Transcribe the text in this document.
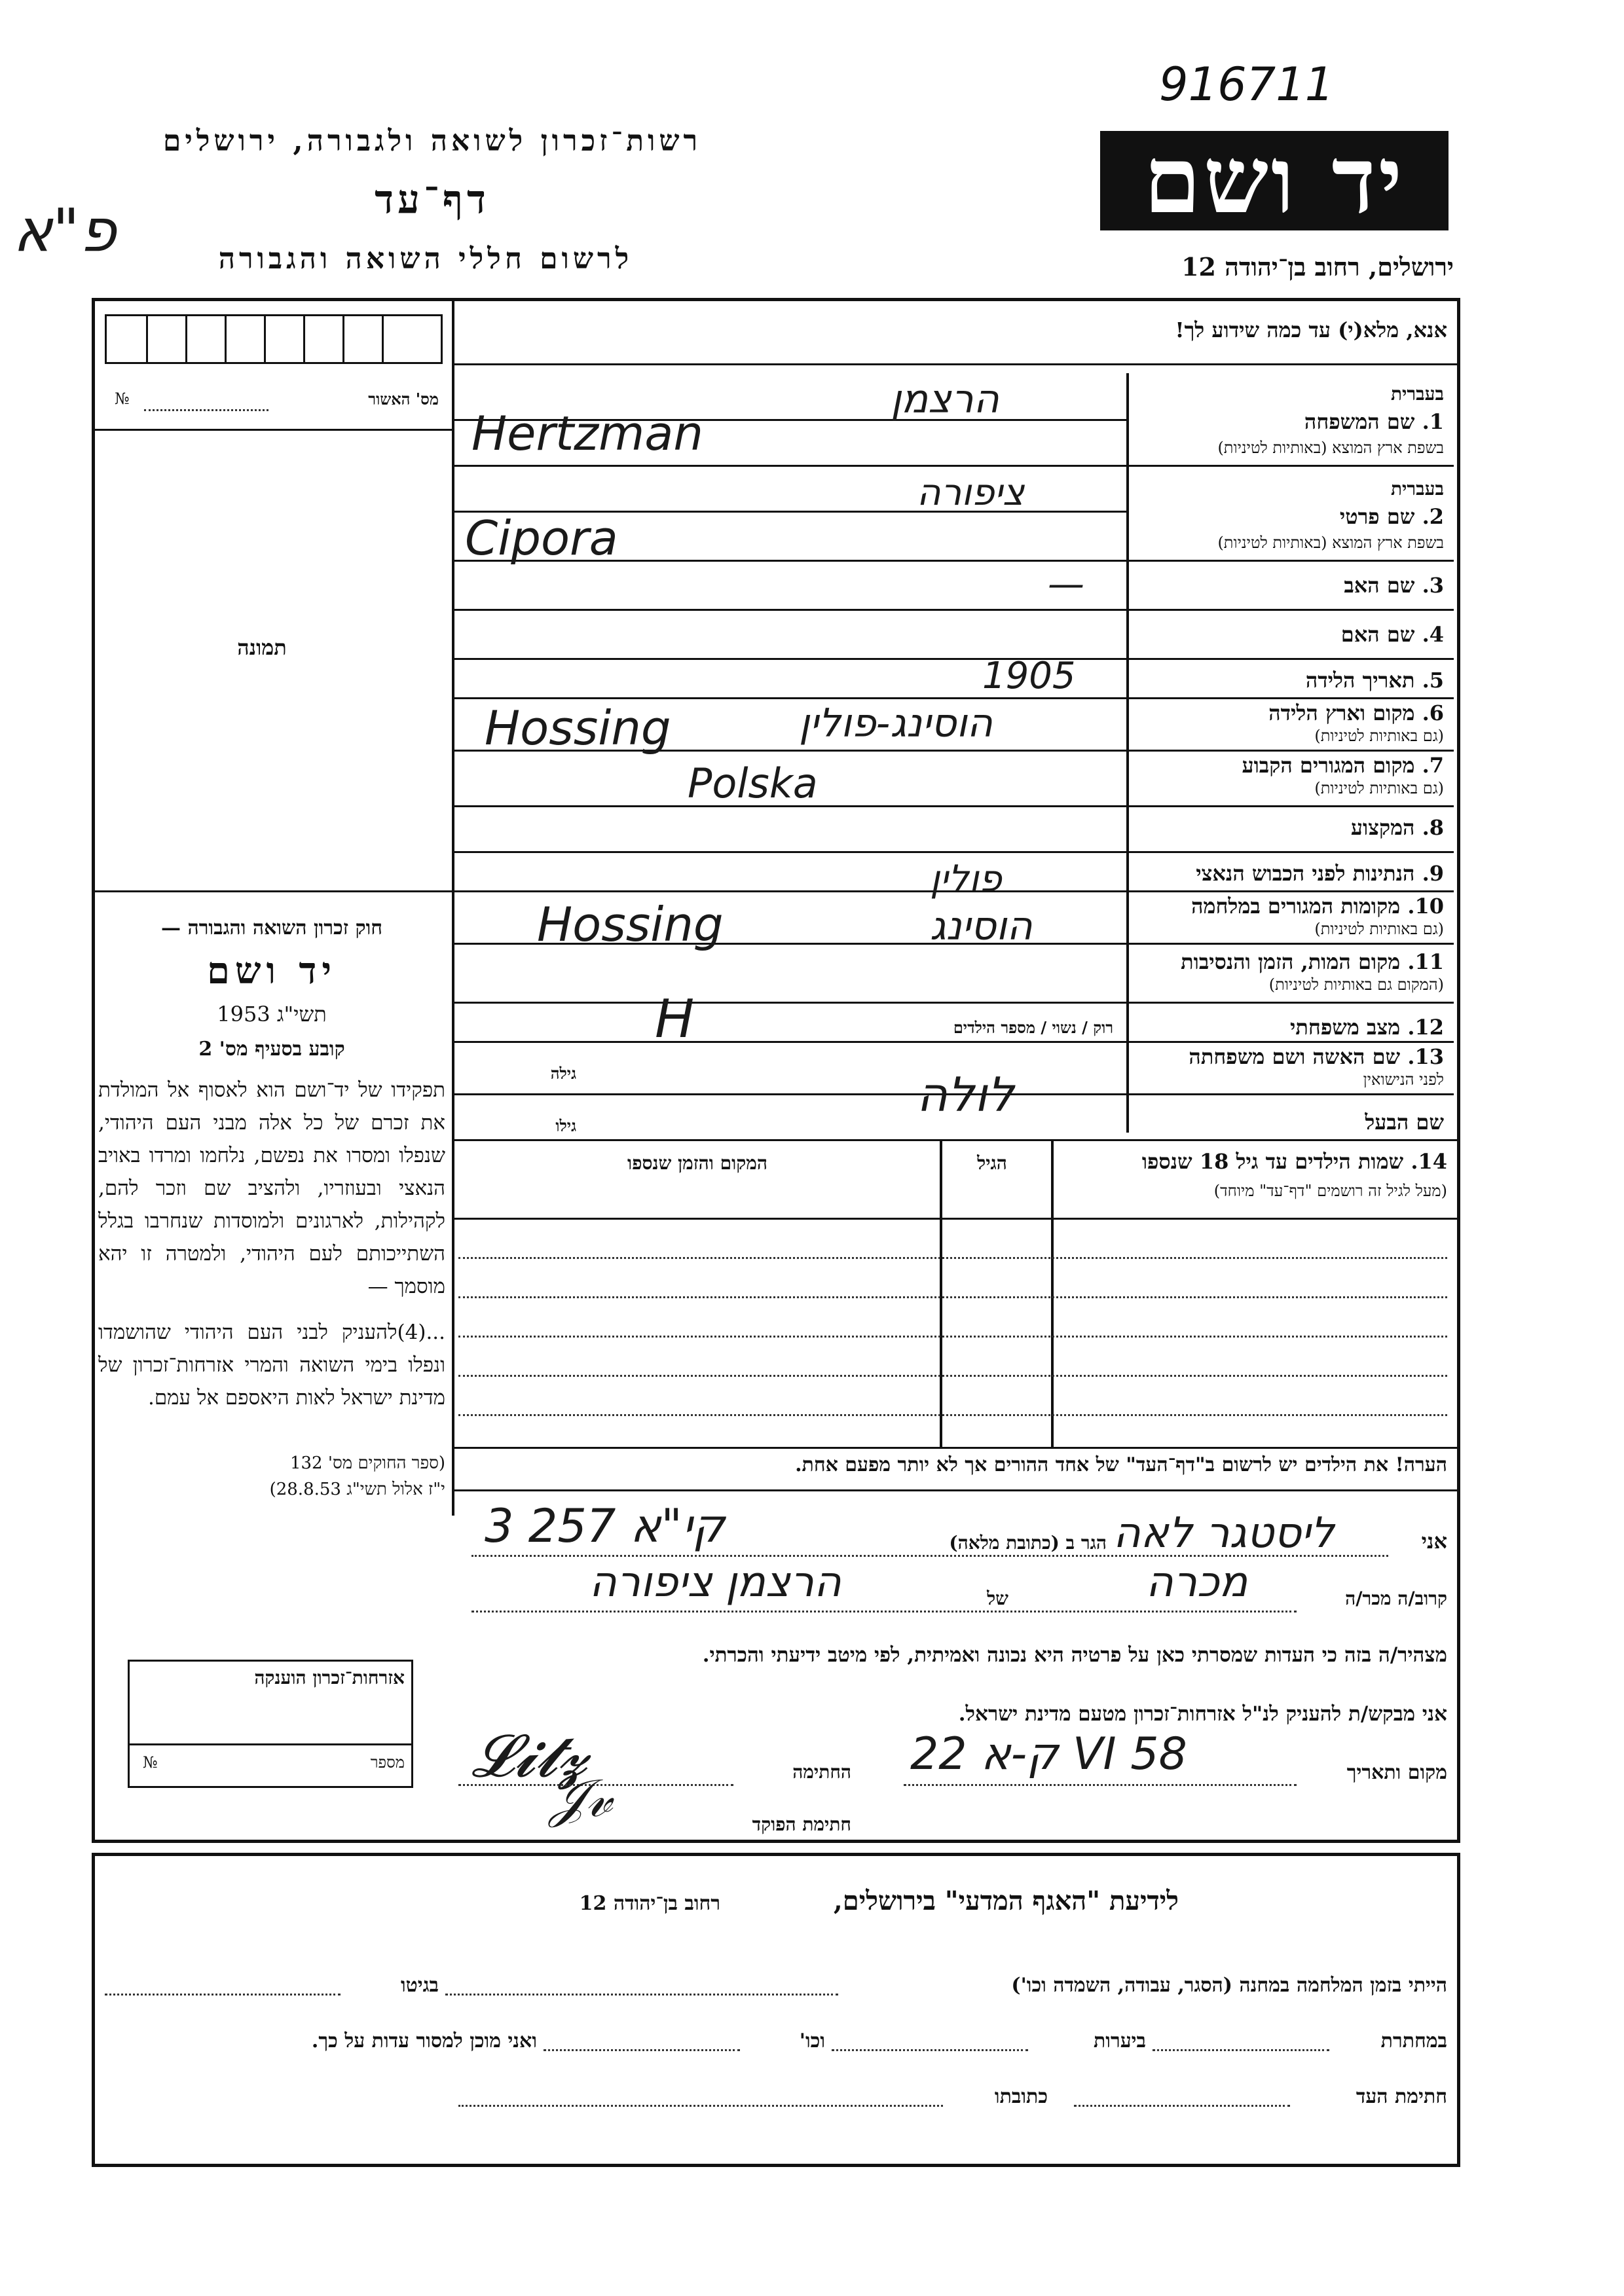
916711
פ"א
רשות־זכרון לשואה ולגבורה, ירושלים
דף־עד
לרשום חללי השואה והגבורה
יד ושם
ירושלים, רחוב בן־יהודה 12
אנא, מלא(י) עד כמה שידוע לך!
מס' האשור
№
תמונה
חוק זכרון השואה והגבורה —
יד ושם
תשי"ג 1953
קובע בסעיף מס' 2
תפקידו של יד־ושם הוא לאסוף אל המולדת את זכרם של כל אלה מבני העם היהודי, שנפלו ומסרו את נפשם, נלחמו ומרדו באויב הנאצי ובעוזריו, ולהציב שם וזכר להם, לקהילות, לארגונים ולמוסדות שנחרבו בגלל השתייכותם לעם היהודי, ולמטרה זו יהא מוסמך —
...(4)להעניק לבני העם היהודי שהושמדו ונפלו בימי השואה והמרי אזרחות־זכרון של מדינת ישראל לאות היאספם אל עמם.
(ספר החוקים מס' 132
י"ז אלול תשי"ג 28.8.53)
בעברית
1. שם המשפחה
בשפת ארץ המוצא (באותיות לטיניות)
בעברית
2. שם פרטי
בשפת ארץ המוצא (באותיות לטיניות)
3. שם האב
4. שם האם
5. תאריך הלידה
6. מקום וארץ הלידה
(גם באותיות לטיניות)
7. מקום המגורים הקבוע
(גם באותיות לטיניות)
8. המקצוע
9. הנתינות לפני הכבוש הנאצי
10. מקומות המגורים במלחמה
(גם באותיות לטיניות)
11. מקום המות, הזמן והנסיבות
(המקום גם באותיות לטיניות)
12. מצב משפחתי
רוק / נשוי / מספר הילדים
13. שם האשה ושם משפחתה
לפני הנישואין
גילה
שם הבעל
גילו
הרצמן
Hertzman
ציפורה
Cipora
—
1905
הוסינג-פולין
Hossing
Polska
פולין
הוסינג
Hossing
H
לולה
14. שמות הילדים עד גיל 18 שנספו
(מעל לגיל זה רושמים "דף־עד" מיוחד)
הגיל
המקום והזמן שנספו
הערה! את הילדים יש לרשום ב"דף־העד" של אחד ההורים אך לא יותר מפעם אחת.
אני
ליסטגר לאה
הגר ב (כתובת מלאה)
3 קי"א 257
קרוב/ה מכר/ה
מכרה
של
הרצמן ציפורה
מצהיר/ה בזה כי העדות שמסרתי כאן על פרטיה היא נכונה ואמיתית, לפי מיטב ידיעתי והכרתי.
אני מבקש/ת להעניק לנ"ל אזרחות־זכרון מטעם מדינת ישראל.
אזרחות־זכרון הוענקה
מספר
№	מקום ותאריך
ק-א 22 VI 58
החתימה
𝓛𝓲𝓽𝔃
חתימת הפוקד
𝒥𝓋
לידיעת "האגף המדעי" בירושלים,
רחוב בן־יהודה 12
הייתי בזמן המלחמה במחנה (הסגר, עבודה, השמדה וכו')
בגיטו
במחתרת
ביערות
וכו'
ואני מוכן למסור עדות על כך.
חתימת העד
כתובתו
